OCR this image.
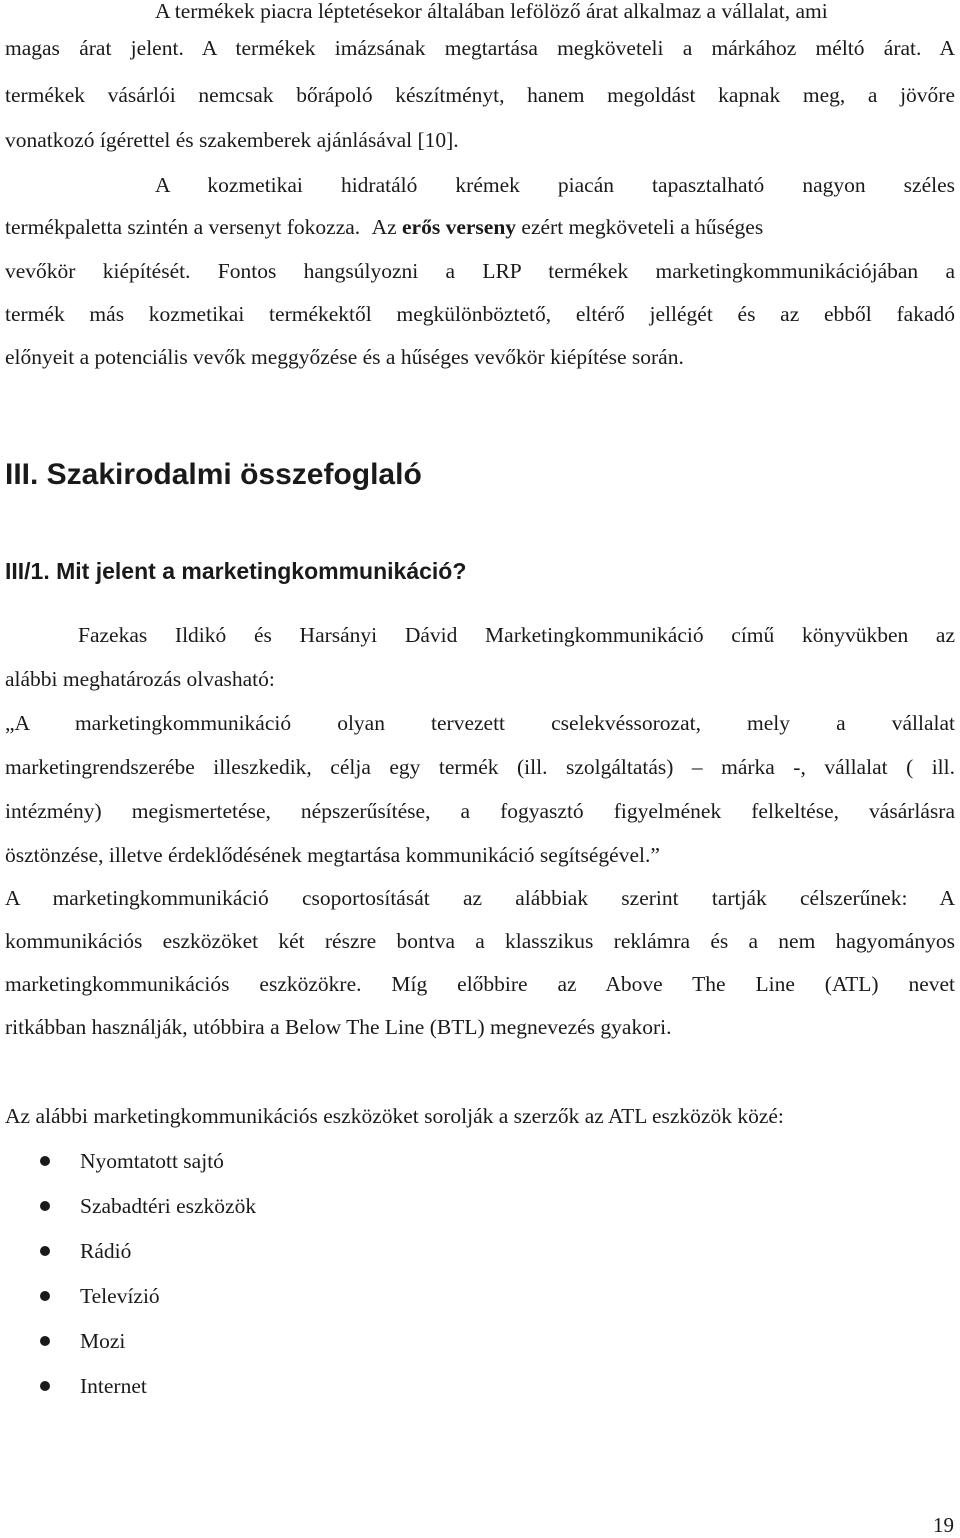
A termékek piacra léptetésekor általában lefölöző árat alkalmaz a vállalat, ami
magas árat jelent. A termékek imázsának megtartása megköveteli a márkához méltó árat. A
termékek vásárlói nemcsak bőrápoló készítményt, hanem megoldást kapnak meg, a jövőre
vonatkozó ígérettel és szakemberek ajánlásával [10].
A kozmetikai hidratáló krémek piacán tapasztalható nagyon széles
termékpaletta szintén a versenyt fokozza. Az erős verseny ezért megköveteli a hűséges
vevőkör kiépítését. Fontos hangsúlyozni a LRP termékek marketingkommunikációjában a
termék más kozmetikai termékektől megkülönböztető, eltérő jellégét és az ebből fakadó
előnyeit a potenciális vevők meggyőzése és a hűséges vevőkör kiépítése során.
III. Szakirodalmi összefoglaló
III/1. Mit jelent a marketingkommunikáció?
Fazekas Ildikó és Harsányi Dávid Marketingkommunikáció című könyvükben az
alábbi meghatározás olvasható:
„A marketingkommunikáció olyan tervezett cselekvéssorozat, mely a vállalat
marketingrendszerébe illeszkedik, célja egy termék (ill. szolgáltatás) – márka -, vállalat ( ill.
intézmény) megismertetése, népszerűsítése, a fogyasztó figyelmének felkeltése, vásárlásra
ösztönzése, illetve érdeklődésének megtartása kommunikáció segítségével.”
A marketingkommunikáció csoportosítását az alábbiak szerint tartják célszerűnek: A
kommunikációs eszközöket két részre bontva a klasszikus reklámra és a nem hagyományos
marketingkommunikációs eszközökre. Míg előbbire az Above The Line (ATL) nevet
ritkábban használják, utóbbira a Below The Line (BTL) megnevezés gyakori.
Az alábbi marketingkommunikációs eszközöket sorolják a szerzők az ATL eszközök közé:
Nyomtatott sajtó
Szabadtéri eszközök
Rádió
Televízió
Mozi
Internet
19
